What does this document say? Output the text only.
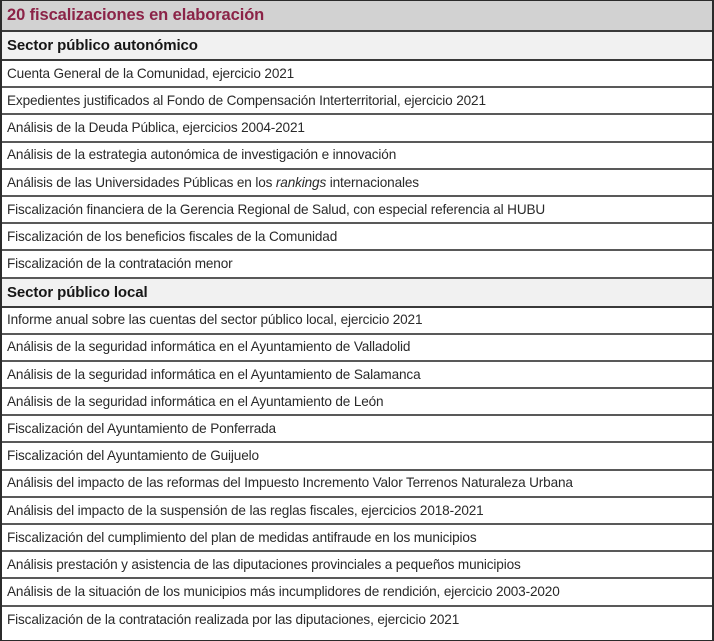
20 fiscalizaciones en elaboración
Sector público autonómico
Cuenta General de la Comunidad, ejercicio 2021
Expedientes justificados al Fondo de Compensación Interterritorial, ejercicio 2021
Análisis de la Deuda Pública, ejercicios 2004-2021
Análisis de la estrategia autonómica de investigación e innovación
Análisis de las Universidades Públicas en los rankings internacionales
Fiscalización financiera de la Gerencia Regional de Salud, con especial referencia al HUBU
Fiscalización de los beneficios fiscales de la Comunidad
Fiscalización de la contratación menor
Sector público local
Informe anual sobre las cuentas del sector público local, ejercicio 2021
Análisis de la seguridad informática en el Ayuntamiento de Valladolid
Análisis de la seguridad informática en el Ayuntamiento de Salamanca
Análisis de la seguridad informática en el Ayuntamiento de León
Fiscalización del Ayuntamiento de Ponferrada
Fiscalización del Ayuntamiento de Guijuelo
Análisis del impacto de las reformas del Impuesto Incremento Valor Terrenos Naturaleza Urbana
Análisis del impacto de la suspensión de las reglas fiscales, ejercicios 2018-2021
Fiscalización del cumplimiento del plan de medidas antifraude en los municipios
Análisis prestación y asistencia de las diputaciones provinciales a pequeños municipios
Análisis de la situación de los municipios más incumplidores de rendición, ejercicio 2003-2020
Fiscalización de la contratación realizada por las diputaciones, ejercicio 2021
